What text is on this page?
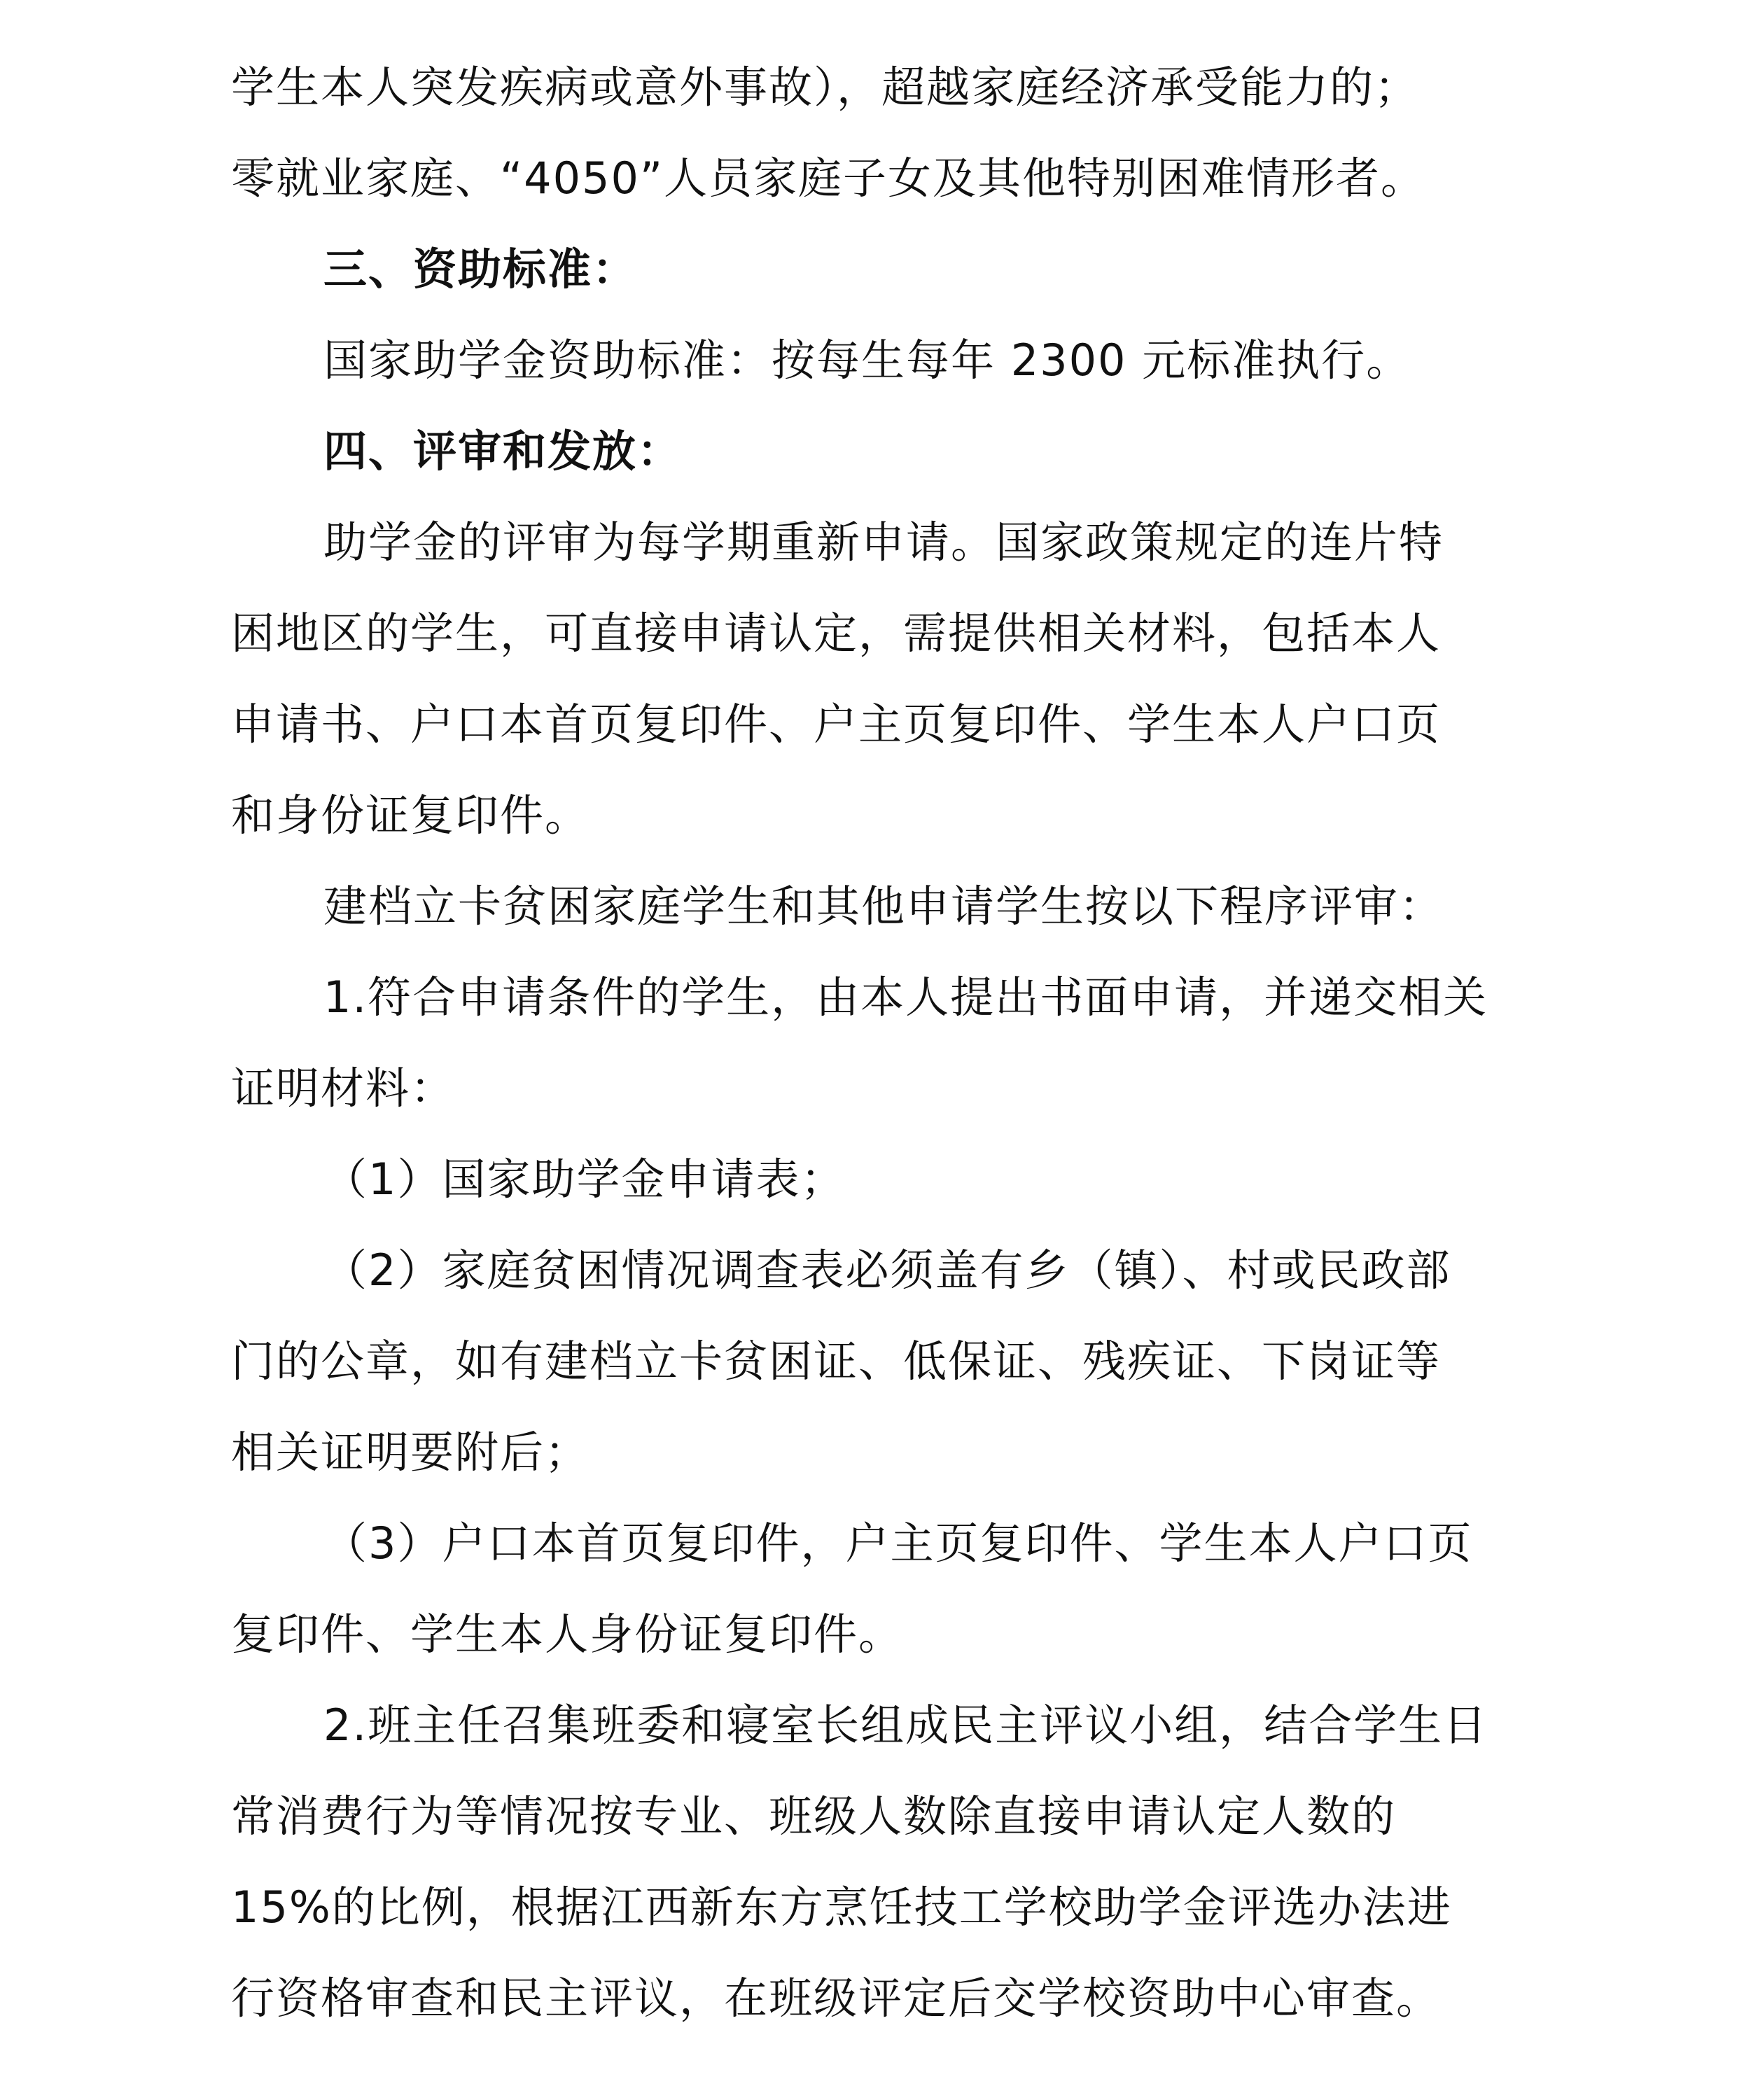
学生本人突发疾病或意外事故），超越家庭经济承受能力的；
零就业家庭、“4050”人员家庭子女及其他特别困难情形者。
三、资助标准：
国家助学金资助标准：按每生每年 2300 元标准执行。
四、评审和发放：
助学金的评审为每学期重新申请。国家政策规定的连片特
困地区的学生，可直接申请认定，需提供相关材料，包括本人
申请书、户口本首页复印件、户主页复印件、学生本人户口页
和身份证复印件。
建档立卡贫困家庭学生和其他申请学生按以下程序评审：
1.符合申请条件的学生，由本人提出书面申请，并递交相关
证明材料：
（1）国家助学金申请表；
（2）家庭贫困情况调查表必须盖有乡（镇）、村或民政部
门的公章，如有建档立卡贫困证、低保证、残疾证、下岗证等
相关证明要附后；
（3）户口本首页复印件，户主页复印件、学生本人户口页
复印件、学生本人身份证复印件。
2.班主任召集班委和寝室长组成民主评议小组，结合学生日
常消费行为等情况按专业、班级人数除直接申请认定人数的
15%的比例，根据江西新东方烹饪技工学校助学金评选办法进
行资格审查和民主评议，在班级评定后交学校资助中心审查。
